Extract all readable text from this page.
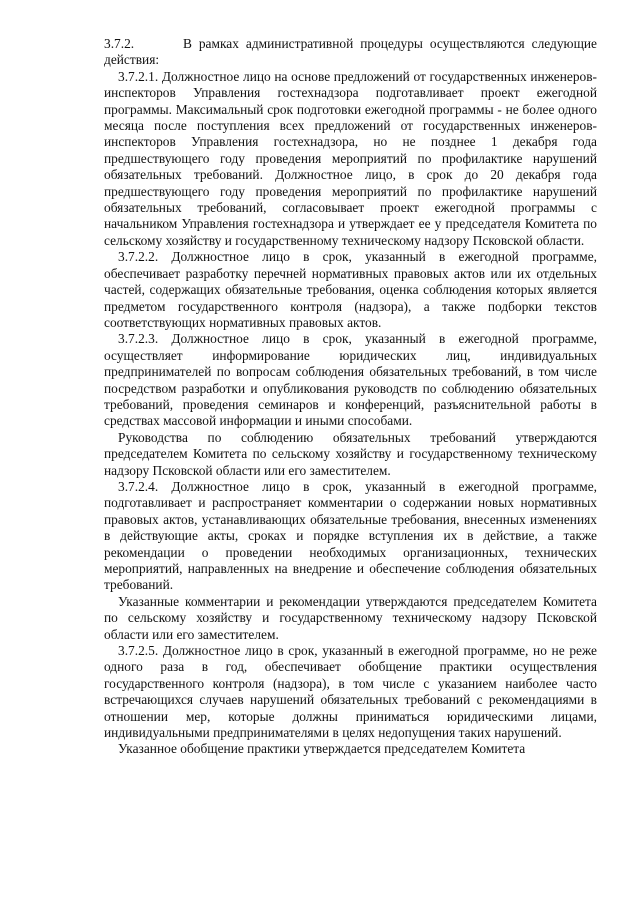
3.7.2.       В рамках административной процедуры осуществляются следующие действия:

3.7.2.1. Должностное лицо на основе предложений от государственных инженеров-инспекторов Управления гостехнадзора подготавливает проект ежегодной программы. Максимальный срок подготовки ежегодной программы - не более одного месяца после поступления всех предложений от государственных инженеров-инспекторов Управления гостехнадзора, но не позднее 1 декабря года предшествующего году проведения мероприятий по профилактике нарушений обязательных требований. Должностное лицо, в срок до 20 декабря года предшествующего году проведения мероприятий по профилактике нарушений обязательных требований, согласовывает проект ежегодной программы с начальником Управления гостехнадзора и утверждает ее у председателя Комитета по сельскому хозяйству и государственному техническому надзору Псковской области.

3.7.2.2. Должностное лицо в срок, указанный в ежегодной программе, обеспечивает разработку перечней нормативных правовых актов или их отдельных частей, содержащих обязательные требования, оценка соблюдения которых является предметом государственного контроля (надзора), а также подборки текстов соответствующих нормативных правовых актов.

3.7.2.3. Должностное лицо в срок, указанный в ежегодной программе, осуществляет информирование юридических лиц, индивидуальных предпринимателей по вопросам соблюдения обязательных требований, в том числе посредством разработки и опубликования руководств по соблюдению обязательных требований, проведения семинаров и конференций, разъяснительной работы в средствах массовой информации и иными способами.

Руководства по соблюдению обязательных требований утверждаются председателем Комитета по сельскому хозяйству и государственному техническому надзору Псковской области или его заместителем.

3.7.2.4. Должностное лицо в срок, указанный в ежегодной программе, подготавливает и распространяет комментарии о содержании новых нормативных правовых актов, устанавливающих обязательные требования, внесенных изменениях в действующие акты, сроках и порядке вступления их в действие, а также рекомендации о проведении необходимых организационных, технических мероприятий, направленных на внедрение и обеспечение соблюдения обязательных требований.

Указанные комментарии и рекомендации утверждаются председателем Комитета по сельскому хозяйству и государственному техническому надзору Псковской области или его заместителем.

3.7.2.5. Должностное лицо в срок, указанный в ежегодной программе, но не реже одного раза в год, обеспечивает обобщение практики осуществления государственного контроля (надзора), в том числе с указанием наиболее часто встречающихся случаев нарушений обязательных требований с рекомендациями в отношении мер, которые должны приниматься юридическими лицами, индивидуальными предпринимателями в целях недопущения таких нарушений.

Указанное обобщение практики утверждается председателем Комитета
